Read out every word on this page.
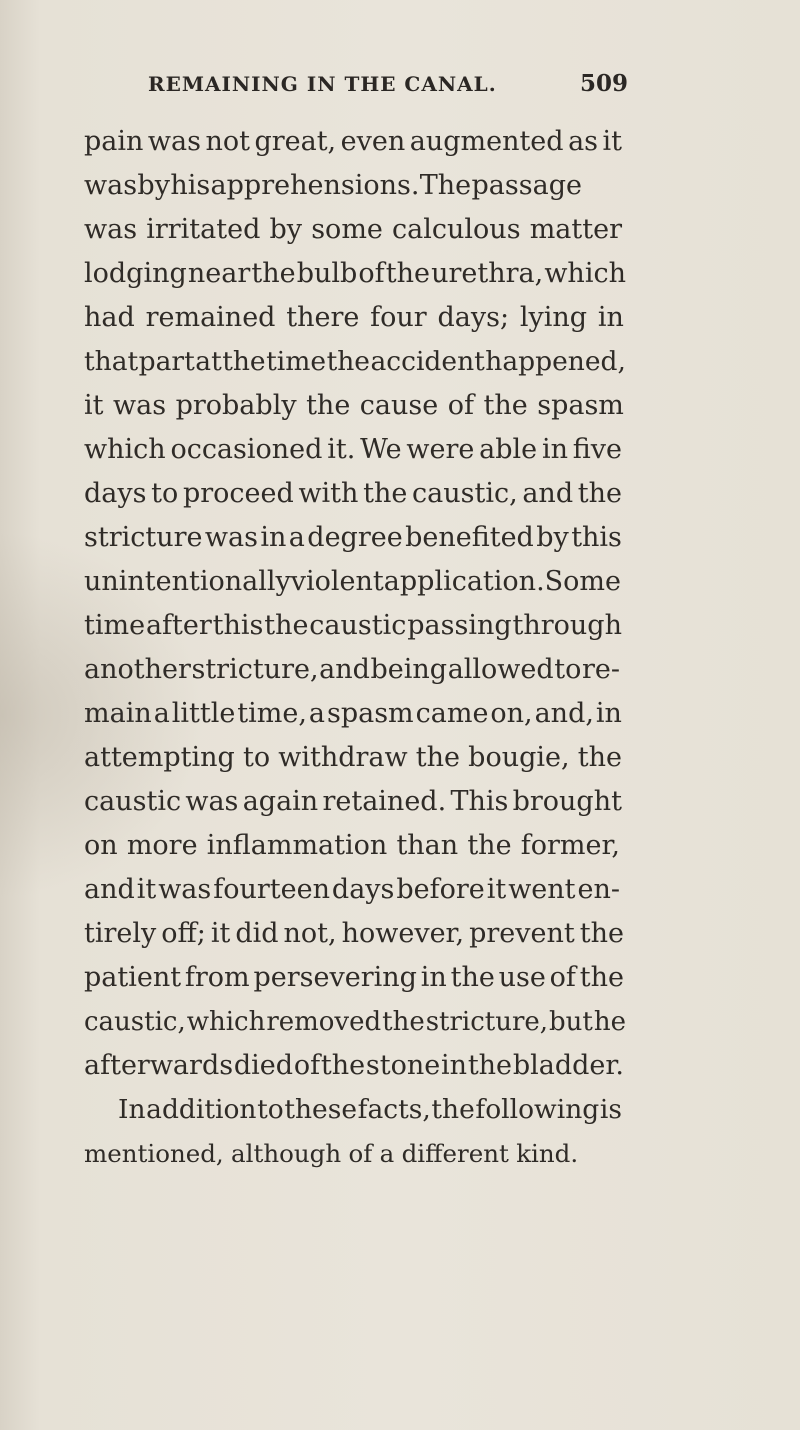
REMAINING IN THE CANAL.	509
pain was not great, even augmented as it
was by his apprehensions. The passage
was irritated by some calculous matter
lodging near the bulb of the urethra, which
had remained there four days; lying in
that part at the time the accident happened,
it was probably the cause of the spasm
which occasioned it. We were able in five
days to proceed with the caustic, and the
stricture was in a degree benefited by this
unintentionally violent application. Some
time after this the caustic passing through
another stricture, and being allowed to re-
main a little time, a spasm came on, and, in
attempting to withdraw the bougie, the
caustic was again retained. This brought
on more inflammation than the former,
and it was fourteen days before it went en-
tirely off; it did not, however, prevent the
patient from persevering in the use of the
caustic, which removed the stricture, but he
afterwards died of the stone in the bladder.
In addition to these facts, the following is
mentioned, although of a different kind.
